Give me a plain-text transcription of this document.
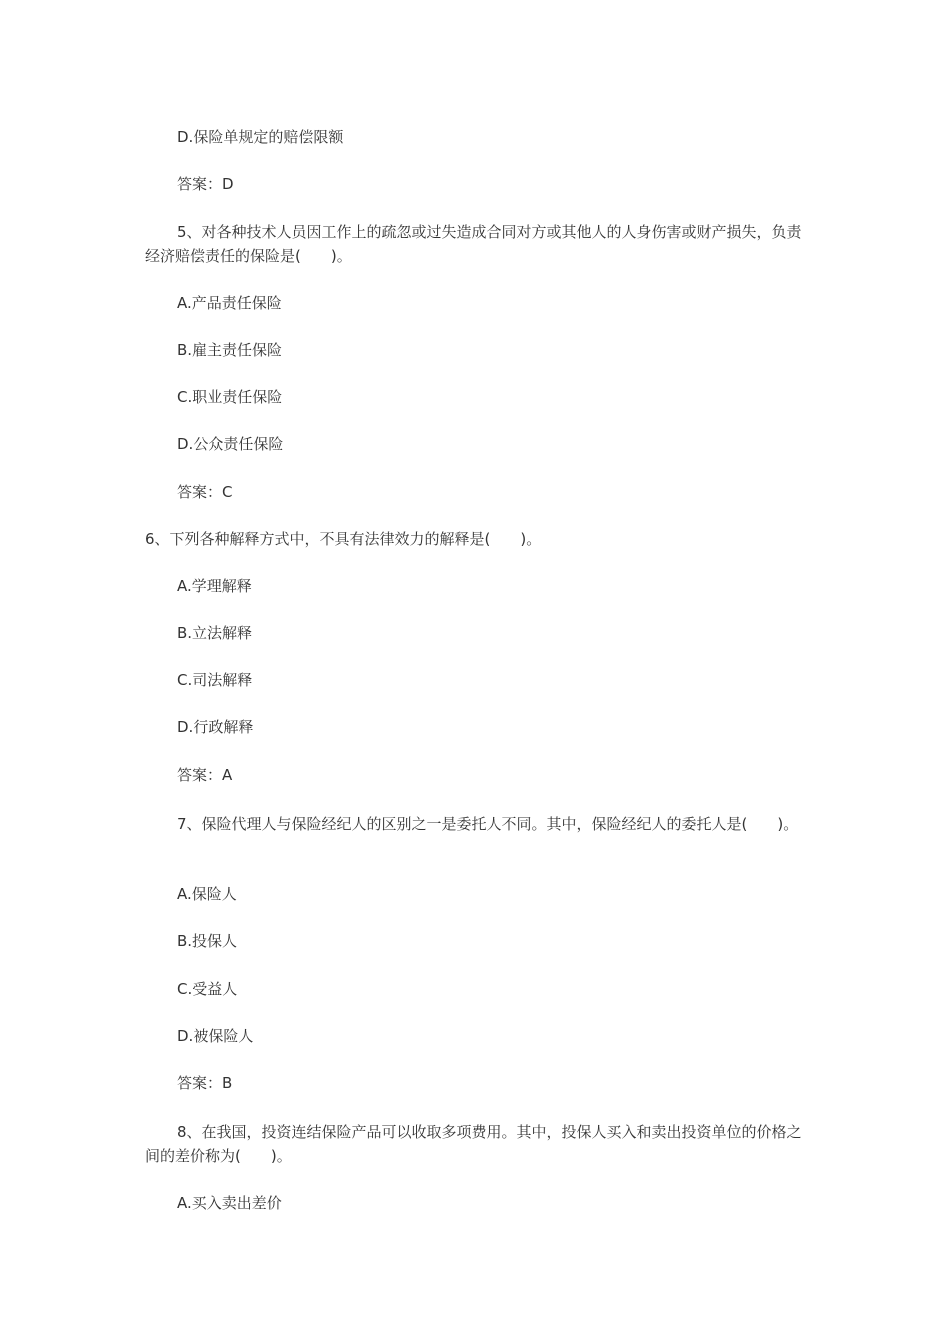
D.保险单规定的赔偿限额
答案：D
5、对各种技术人员因工作上的疏忽或过失造成合同对方或其他人的人身伤害或财产损失，负责经济赔偿责任的保险是(　　)。
A.产品责任保险
B.雇主责任保险
C.职业责任保险
D.公众责任保险
答案：C
6、下列各种解释方式中，不具有法律效力的解释是(　　)。
A.学理解释
B.立法解释
C.司法解释
D.行政解释
答案：A
7、保险代理人与保险经纪人的区别之一是委托人不同。其中，保险经纪人的委托人是(　　)。
A.保险人
B.投保人
C.受益人
D.被保险人
答案：B
8、在我国，投资连结保险产品可以收取多项费用。其中，投保人买入和卖出投资单位的价格之间的差价称为(　　)。
A.买入卖出差价
